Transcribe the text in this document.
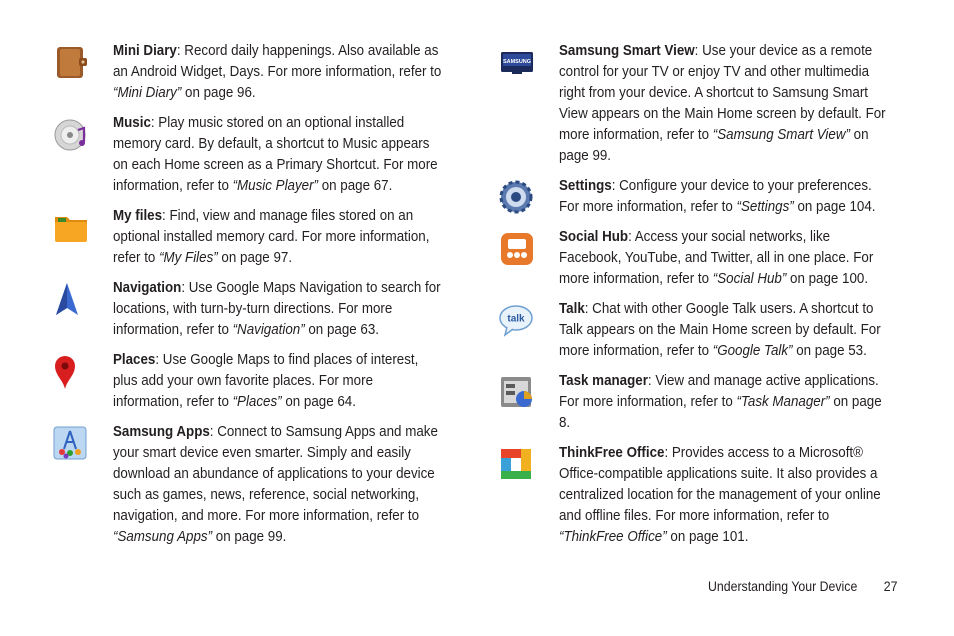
Mini Diary: Record daily happenings. Also available as an Android Widget, Days. For more information, refer to “Mini Diary” on page 96.
Music: Play music stored on an optional installed memory card. By default, a shortcut to Music appears on each Home screen as a Primary Shortcut. For more information, refer to “Music Player” on page 67.
My files: Find, view and manage files stored on an optional installed memory card. For more information, refer to “My Files” on page 97.
Navigation: Use Google Maps Navigation to search for locations, with turn-by-turn directions. For more information, refer to “Navigation” on page 63.
Places: Use Google Maps to find places of interest, plus add your own favorite places. For more information, refer to “Places” on page 64.
Samsung Apps: Connect to Samsung Apps and make your smart device even smarter. Simply and easily download an abundance of applications to your device such as games, news, reference, social networking, navigation, and more. For more information, refer to “Samsung Apps” on page 99.
SAMSUNG
Samsung Smart View: Use your device as a remote control for your TV or enjoy TV and other multimedia right from your device. A shortcut to Samsung Smart View appears on the Main Home screen by default. For more information, refer to “Samsung Smart View” on page 99.
Settings: Configure your device to your preferences. For more information, refer to “Settings” on page 104.
Social Hub: Access your social networks, like Facebook, YouTube, and Twitter, all in one place. For more information, refer to “Social Hub” on page 100.
talk
Talk: Chat with other Google Talk users. A shortcut to Talk appears on the Main Home screen by default. For more information, refer to “Google Talk” on page 53.
Task manager: View and manage active applications. For more information, refer to “Task Manager” on page 8.
ThinkFree Office: Provides access to a Microsoft® Office-compatible applications suite. It also provides a centralized location for the management of your online and offline files. For more information, refer to “ThinkFree Office” on page 101.
Understanding Your Device 27
